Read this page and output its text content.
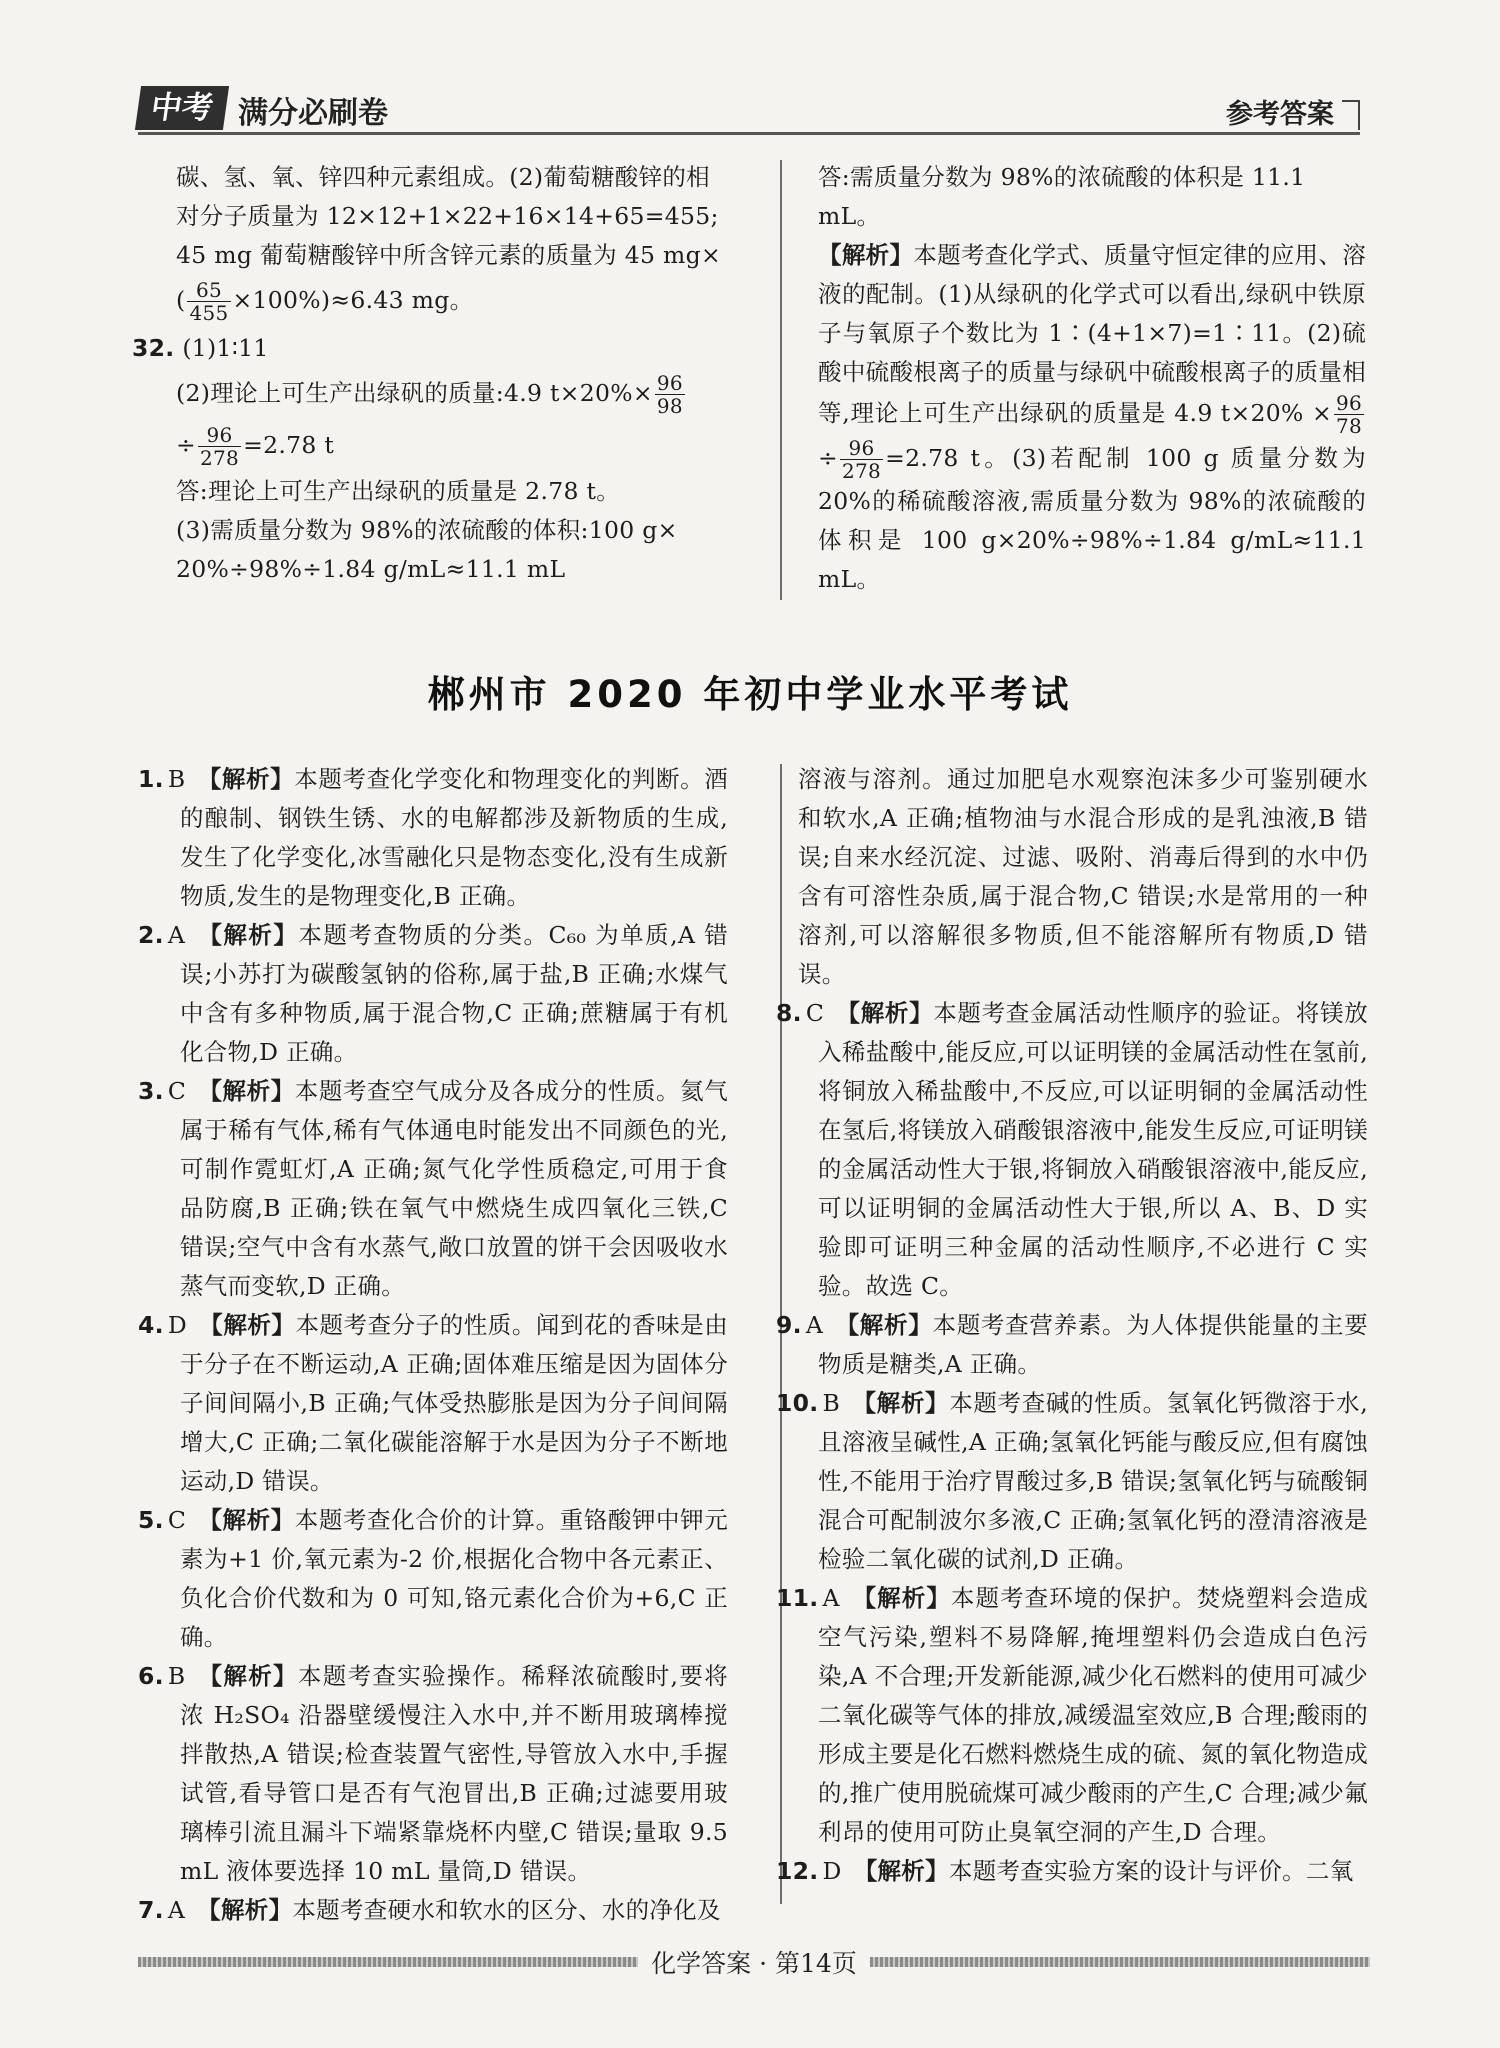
中考 满分必刷卷	参考答案

碳、氢、氧、锌四种元素组成。(2)葡萄糖酸锌的相

对分子质量为 12×12+1×22+16×14+65=455;

45 mg 葡萄糖酸锌中所含锌元素的质量为 45 mg×

( $\frac{65}{455} \times 100\%)\approx 6.43$ mg。

32. (1)1∶11

(2)理论上可生产出绿矾的质量:4.9 $t\times 20\%\times \frac{96}{98}$

÷ $\frac{96}{278} =2.78$ t

答:理论上可生产出绿矾的质量是 2.78 t。

(3)需质量分数为 98%的浓硫酸的体积:100 g×

20%÷98%÷1.84 g/mL≈11.1 mL

答:需质量分数为 98%的浓硫酸的体积是 11.1

mL。

【解析】本题考查化学式、质量守恒定律的应用、溶液的配制。(1)从绿矾的化学式可以看出,绿矾中铁原子与氧原子个数比为 1∶(4+1×7)=1∶11。(2)硫酸中硫酸根离子的质量与绿矾中硫酸根离子的质量相等,理论上可生产出绿矾的质量是 4.9 $t\times 20\% \times \frac{96}{78}$
÷ $\frac{96}{278} =2.78$ t。(3)若配制 100 g 质量分数为 20%的稀硫酸溶液,需质量分数为 98%的浓硫酸的体积是 100 g×20%÷98%÷1.84 g/mL≈11.1 mL。

郴州市 2020 年初中学业水平考试

1. B 【解析】本题考查化学变化和物理变化的判断。酒的酿制、钢铁生锈、水的电解都涉及新物质的生成,发生了化学变化,冰雪融化只是物态变化,没有生成新物质,发生的是物理变化,B 正确。

2. A 【解析】本题考查物质的分类。C₆₀ 为单质,A 错误;小苏打为碳酸氢钠的俗称,属于盐,B 正确;水煤气中含有多种物质,属于混合物,C 正确;蔗糖属于有机化合物,D 正确。

3. C 【解析】本题考查空气成分及各成分的性质。氦气属于稀有气体,稀有气体通电时能发出不同颜色的光,可制作霓虹灯,A 正确;氮气化学性质稳定,可用于食品防腐,B 正确;铁在氧气中燃烧生成四氧化三铁,C 错误;空气中含有水蒸气,敞口放置的饼干会因吸收水蒸气而变软,D 正确。

4. D 【解析】本题考查分子的性质。闻到花的香味是由于分子在不断运动,A 正确;固体难压缩是因为固体分子间间隔小,B 正确;气体受热膨胀是因为分子间间隔增大,C 正确;二氧化碳能溶解于水是因为分子不断地运动,D 错误。

5. C 【解析】本题考查化合价的计算。重铬酸钾中钾元素为+1 价,氧元素为-2 价,根据化合物中各元素正、负化合价代数和为 0 可知,铬元素化合价为+6,C 正确。

6. B 【解析】本题考查实验操作。稀释浓硫酸时,要将浓 H₂SO₄ 沿器壁缓慢注入水中,并不断用玻璃棒搅拌散热,A 错误;检查装置气密性,导管放入水中,手握试管,看导管口是否有气泡冒出,B 正确;过滤要用玻璃棒引流且漏斗下端紧靠烧杯内壁,C 错误;量取 9.5 mL 液体要选择 10 mL 量筒,D 错误。

7. A 【解析】本题考查硬水和软水的区分、水的净化及

溶液与溶剂。通过加肥皂水观察泡沫多少可鉴别硬水和软水,A 正确;植物油与水混合形成的是乳浊液,B 错误;自来水经沉淀、过滤、吸附、消毒后得到的水中仍含有可溶性杂质,属于混合物,C 错误;水是常用的一种溶剂,可以溶解很多物质,但不能溶解所有物质,D 错误。

8. C 【解析】本题考查金属活动性顺序的验证。将镁放入稀盐酸中,能反应,可以证明镁的金属活动性在氢前,将铜放入稀盐酸中,不反应,可以证明铜的金属活动性在氢后,将镁放入硝酸银溶液中,能发生反应,可证明镁的金属活动性大于银,将铜放入硝酸银溶液中,能反应,可以证明铜的金属活动性大于银,所以 A、B、D 实验即可证明三种金属的活动性顺序,不必进行 C 实验。故选 C。

9. A 【解析】本题考查营养素。为人体提供能量的主要物质是糖类,A 正确。

10. B 【解析】本题考查碱的性质。氢氧化钙微溶于水,且溶液呈碱性,A 正确;氢氧化钙能与酸反应,但有腐蚀性,不能用于治疗胃酸过多,B 错误;氢氧化钙与硫酸铜混合可配制波尔多液,C 正确;氢氧化钙的澄清溶液是检验二氧化碳的试剂,D 正确。

11. A 【解析】本题考查环境的保护。焚烧塑料会造成空气污染,塑料不易降解,掩埋塑料仍会造成白色污染,A 不合理;开发新能源,减少化石燃料的使用可减少二氧化碳等气体的排放,减缓温室效应,B 合理;酸雨的形成主要是化石燃料燃烧生成的硫、氮的氧化物造成的,推广使用脱硫煤可减少酸雨的产生,C 合理;减少氟利昂的使用可防止臭氧空洞的产生,D 合理。

12. D 【解析】本题考查实验方案的设计与评价。二氧

化学答案 · 第14页
